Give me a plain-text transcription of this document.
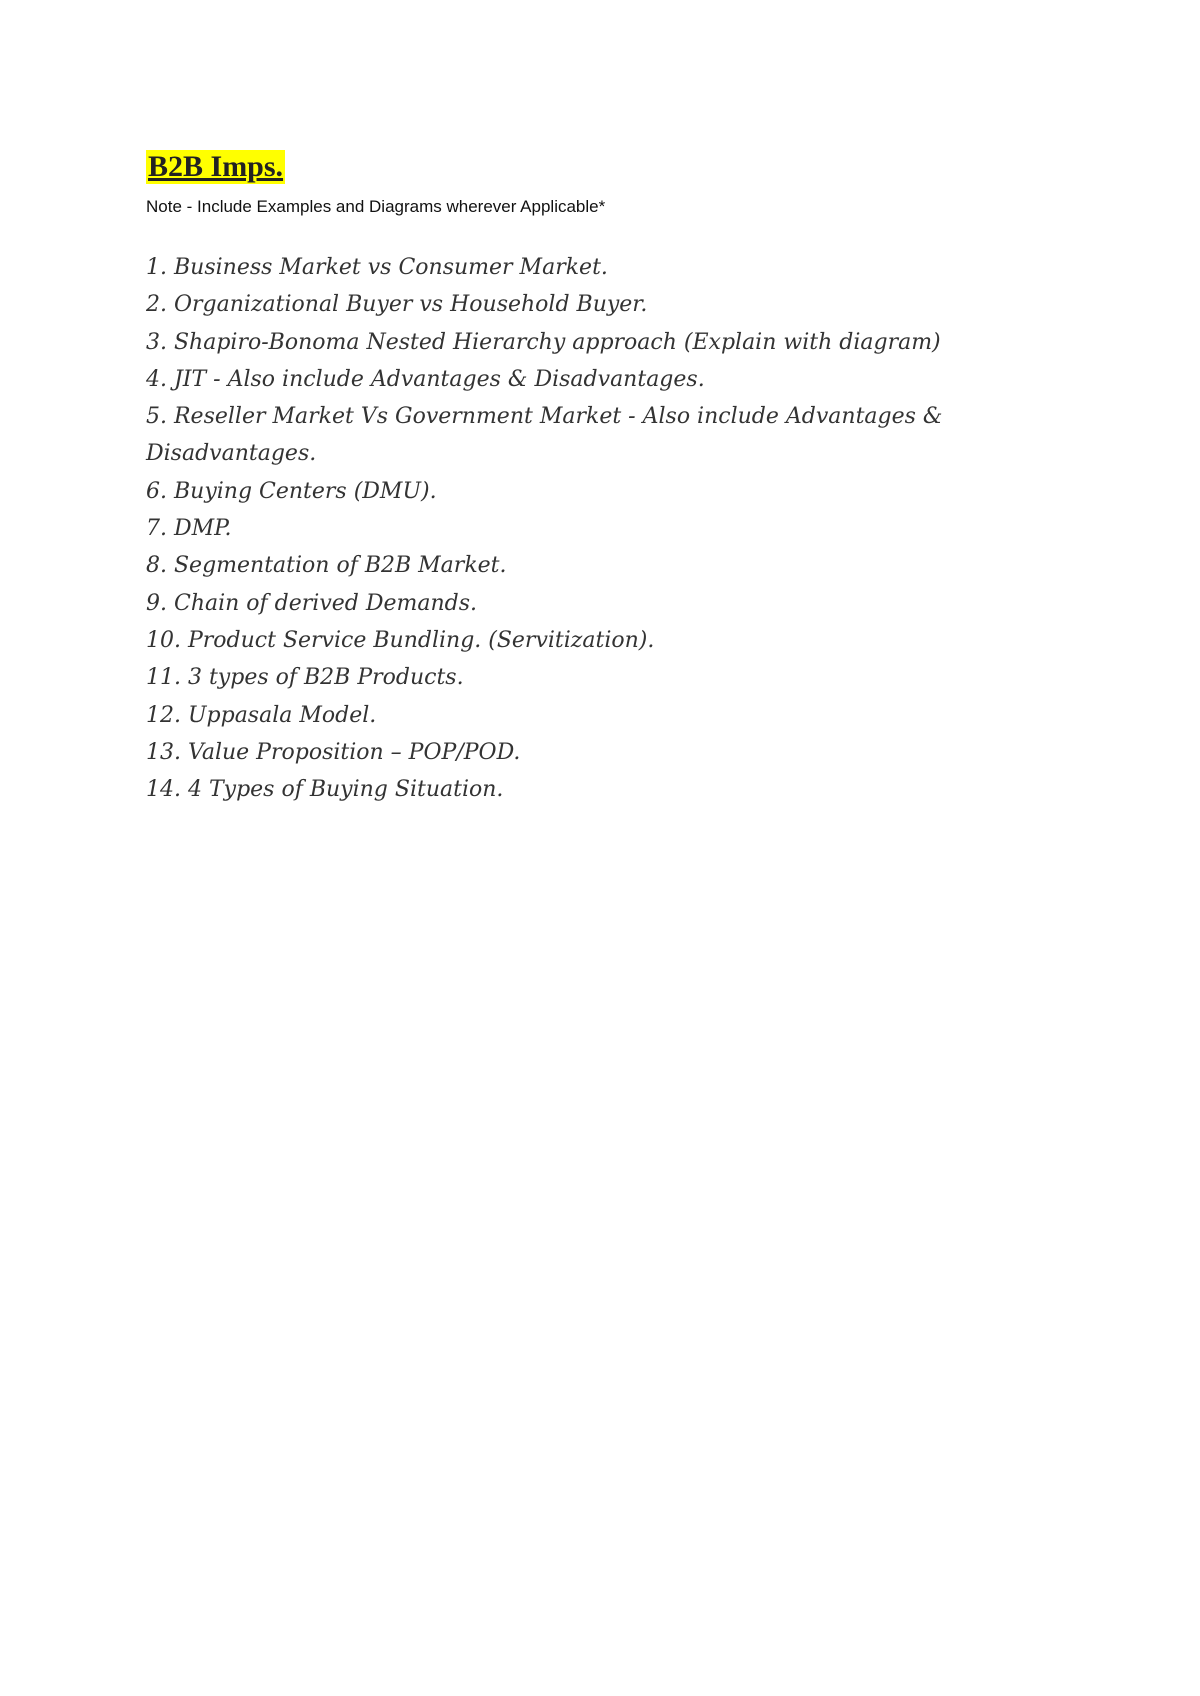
B2B Imps.
Note - Include Examples and Diagrams wherever Applicable*
1. Business Market vs Consumer Market.
2. Organizational Buyer vs Household Buyer.
3. Shapiro-Bonoma Nested Hierarchy approach (Explain with diagram)
4. JIT - Also include Advantages & Disadvantages.
5. Reseller Market Vs Government Market - Also include Advantages &
Disadvantages.
6. Buying Centers (DMU).
7. DMP.
8. Segmentation of B2B Market.
9. Chain of derived Demands.
10. Product Service Bundling. (Servitization).
11. 3 types of B2B Products.
12. Uppasala Model.
13. Value Proposition – POP/POD.
14. 4 Types of Buying Situation.
